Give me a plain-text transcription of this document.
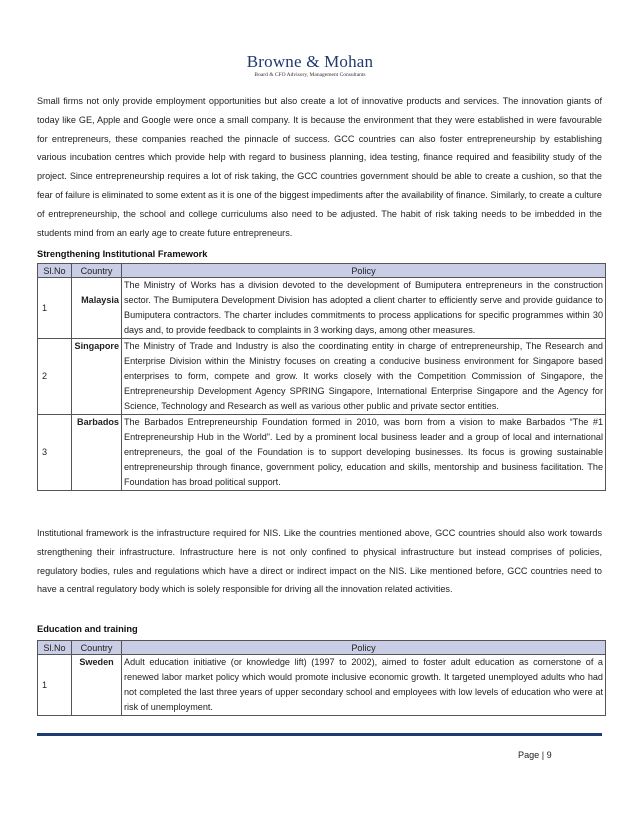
Browne & Mohan
Board & CFO Advisory, Management Consultants

Small firms not only provide employment opportunities but also create a lot of innovative products and services. The innovation giants of today like GE, Apple and Google were once a small company. It is because the environment that they were established in were favourable for entrepreneurs, these companies reached the pinnacle of success. GCC countries can also foster entrepreneurship by establishing various incubation centres which provide help with regard to business planning, idea testing, finance required and feasibility study of the project. Since entrepreneurship requires a lot of risk taking, the GCC countries government should be able to create a cushion, so that the fear of failure is eliminated to some extent as it is one of the biggest impediments after the availability of finance. Similarly, to create a culture of entrepreneurship, the school and college curriculums also need to be adjusted. The habit of risk taking needs to be imbedded in the students mind from an early age to create future entrepreneurs.

Strengthening Institutional Framework

Sl.No	Country	Policy
1	Malaysia	The Ministry of Works has a division devoted to the development of Bumiputera entrepreneurs in the construction sector. The Bumiputera Development Division has adopted a client charter to efficiently serve and provide guidance to Bumiputera contractors. The charter includes commitments to process applications for specific programmes within 30 days and, to provide feedback to complaints in 3 working days, among other measures.
2	Singapore	The Ministry of Trade and Industry is also the coordinating entity in charge of entrepreneurship, The Research and Enterprise Division within the Ministry focuses on creating a conducive business environment for Singapore based enterprises to form, compete and grow. It works closely with the Competition Commission of Singapore, the Entrepreneurship Development Agency SPRING Singapore, International Enterprise Singapore and the Agency for Science, Technology and Research as well as various other public and private sector entities.
3	Barbados	The Barbados Entrepreneurship Foundation formed in 2010, was born from a vision to make Barbados “The #1 Entrepreneurship Hub in the World”. Led by a prominent local business leader and a group of local and international entrepreneurs, the goal of the Foundation is to support developing businesses. Its focus is growing sustainable entrepreneurship through finance, government policy, education and skills, mentorship and business facilitation. The Foundation has broad political support.

Institutional framework is the infrastructure required for NIS. Like the countries mentioned above, GCC countries should also work towards strengthening their infrastructure. Infrastructure here is not only confined to physical infrastructure but instead comprises of policies, regulatory bodies, rules and regulations which have a direct or indirect impact on the NIS. Like mentioned before, GCC countries need to have a central regulatory body which is solely responsible for driving all the innovation related activities.

Education and training

Sl.No	Country	Policy
1	Sweden	Adult education initiative (or knowledge lift) (1997 to 2002), aimed to foster adult education as cornerstone of a renewed labor market policy which would promote inclusive economic growth. It targeted unemployed adults who had not completed the last three years of upper secondary school and employees with low levels of education who were at risk of unemployment.
Page | 9
